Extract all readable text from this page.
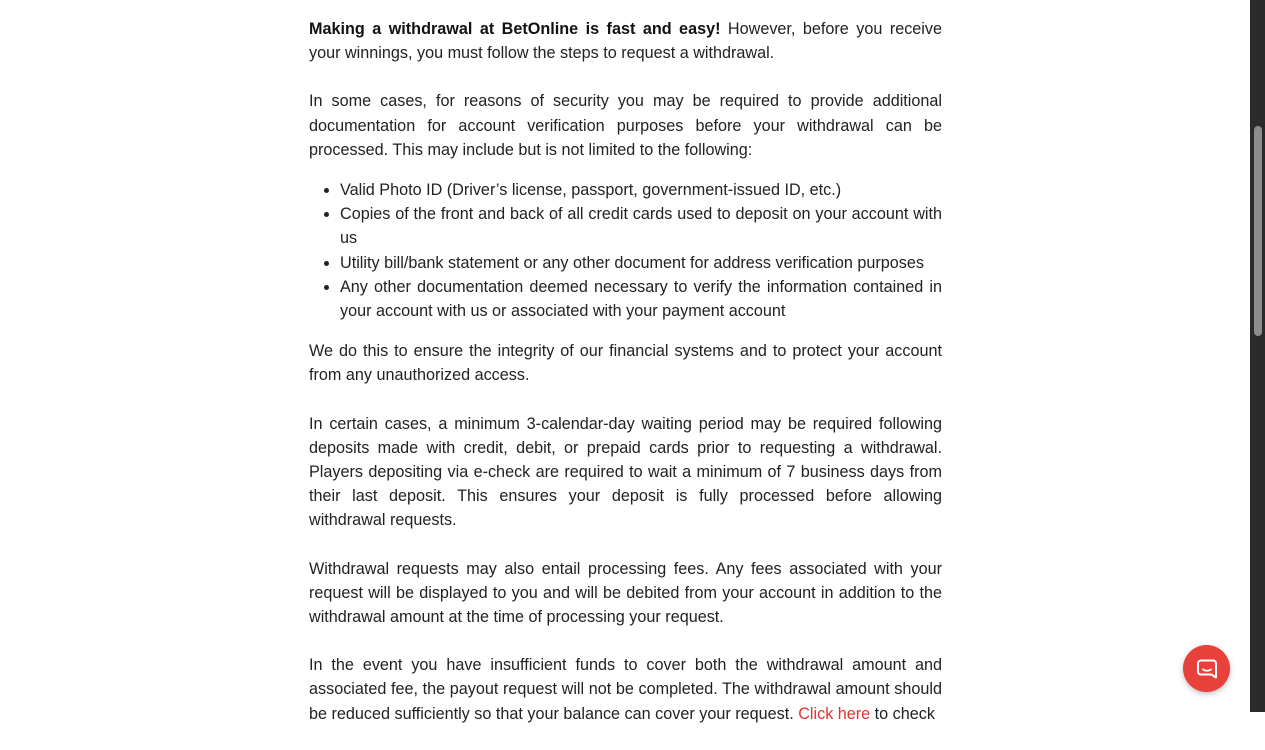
Making a withdrawal at BetOnline is fast and easy! However, before you receive your winnings, you must follow the steps to request a withdrawal.

In some cases, for reasons of security you may be required to provide additional documentation for account verification purposes before your withdrawal can be processed. This may include but is not limited to the following:

• Valid Photo ID (Driver’s license, passport, government-issued ID, etc.)
• Copies of the front and back of all credit cards used to deposit on your account with us
• Utility bill/bank statement or any other document for address verification purposes
• Any other documentation deemed necessary to verify the information contained in your account with us or associated with your payment account

We do this to ensure the integrity of our financial systems and to protect your account from any unauthorized access.

In certain cases, a minimum 3-calendar-day waiting period may be required following deposits made with credit, debit, or prepaid cards prior to requesting a withdrawal. Players depositing via e-check are required to wait a minimum of 7 business days from their last deposit. This ensures your deposit is fully processed before allowing withdrawal requests.

Withdrawal requests may also entail processing fees. Any fees associated with your request will be displayed to you and will be debited from your account in addition to the withdrawal amount at the time of processing your request.

In the event you have insufficient funds to cover both the withdrawal amount and associated fee, the payout request will not be completed. The withdrawal amount should be reduced sufficiently so that your balance can cover your request. Click here to check
